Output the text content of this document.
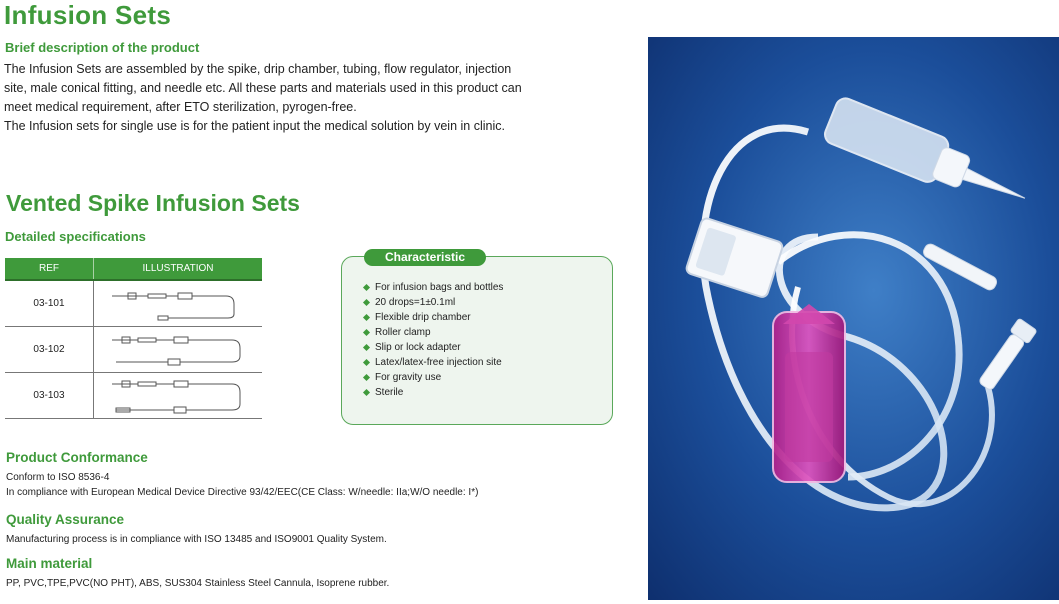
Infusion Sets
Brief description of the product

The Infusion Sets are assembled by the spike, drip chamber, tubing, flow regulator, injection

site, male conical fitting, and needle etc. All these parts and materials used in this product can

meet medical requirement, after ETO sterilization, pyrogen-free.

The Infusion sets for single use is for the patient input the medical solution by vein in clinic.

Vented Spike Infusion Sets
Detailed specifications
REF	ILLUSTRATION
03-101	

03-102	

03-103	
Characteristic
For infusion bags and bottles
20 drops=1±0.1ml
Flexible drip chamber
Roller clamp
Slip or lock adapter
Latex/latex-free injection site
For gravity use
Sterile
Product Conformance

Conform to ISO 8536-4

In compliance with European Medical Device Directive 93/42/EEC(CE Class: W/needle: IIa;W/O needle: I*)

Quality Assurance

Manufacturing process is in compliance with ISO 13485 and ISO9001 Quality System.

Main material

PP, PVC,TPE,PVC(NO PHT), ABS, SUS304 Stainless Steel Cannula, Isoprene rubber.
